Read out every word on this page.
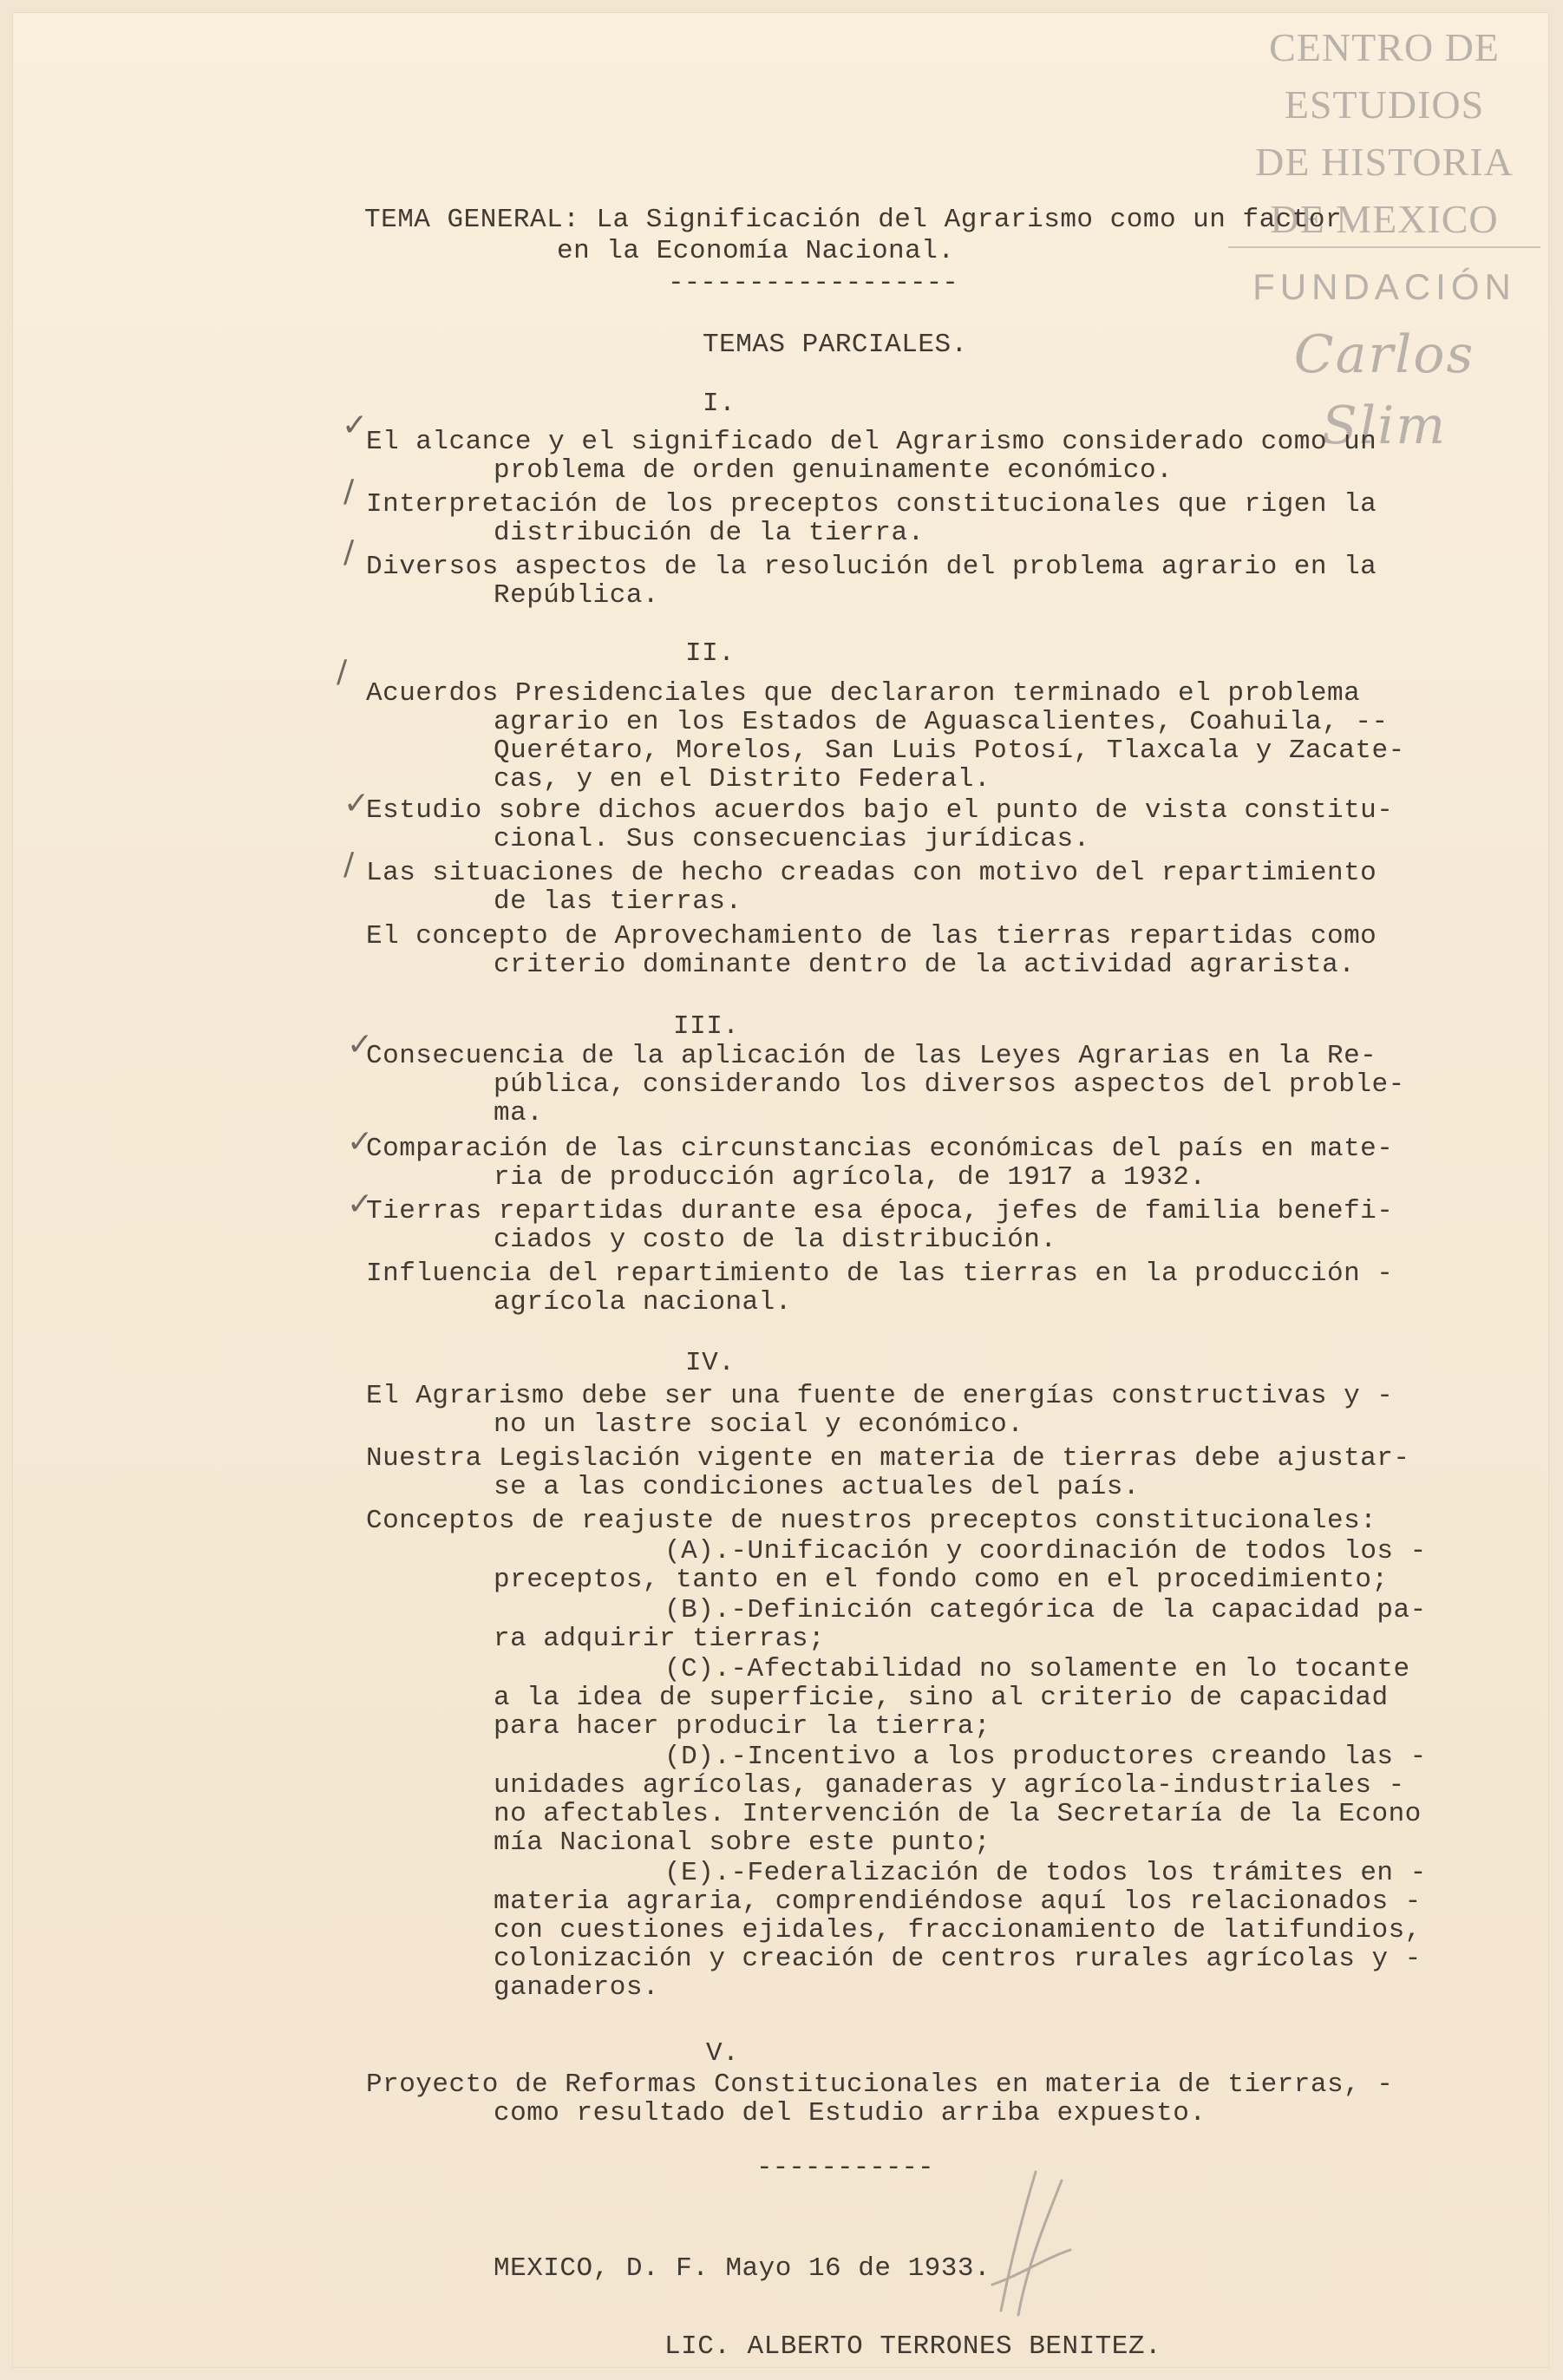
CENTRO DE
ESTUDIOS
DE HISTORIA
DE MEXICO
FUNDACIÓN
Carlos Slim
TEMA GENERAL: La Significación del Agrarismo como un factor
en la Economía Nacional.
------------------
TEMAS PARCIALES.
I.
✓
El alcance y el significado del Agrarismo considerado como un
problema de orden genuinamente económico.
/ Interpretación de los preceptos constitucionales que rigen la
distribución de la tierra.
/ Diversos aspectos de la resolución del problema agrario en la
República.
II.
/
Acuerdos Presidenciales que declararon terminado el problema
agrario en los Estados de Aguascalientes, Coahuila, --
Querétaro, Morelos, San Luis Potosí, Tlaxcala y Zacate-
cas, y en el Distrito Federal.
✓
Estudio sobre dichos acuerdos bajo el punto de vista constitu-
cional. Sus consecuencias jurídicas.
/ Las situaciones de hecho creadas con motivo del repartimiento
de las tierras.
El concepto de Aprovechamiento de las tierras repartidas como
criterio dominante dentro de la actividad agrarista.
III.
✓
Consecuencia de la aplicación de las Leyes Agrarias en la Re-
pública, considerando los diversos aspectos del proble-
ma.
✓
Comparación de las circunstancias económicas del país en mate-
ria de producción agrícola, de 1917 a 1932.
✓
Tierras repartidas durante esa época, jefes de familia benefi-
ciados y costo de la distribución.
Influencia del repartimiento de las tierras en la producción -
agrícola nacional.
IV.
El Agrarismo debe ser una fuente de energías constructivas y -
no un lastre social y económico.
Nuestra Legislación vigente en materia de tierras debe ajustar-
se a las condiciones actuales del país.
Conceptos de reajuste de nuestros preceptos constitucionales:
(A).-Unificación y coordinación de todos los -
preceptos, tanto en el fondo como en el procedimiento;
(B).-Definición categórica de la capacidad pa-
ra adquirir tierras;
(C).-Afectabilidad no solamente en lo tocante
a la idea de superficie, sino al criterio de capacidad
para hacer producir la tierra;
(D).-Incentivo a los productores creando las -
unidades agrícolas, ganaderas y agrícola-industriales -
no afectables. Intervención de la Secretaría de la Econo
mía Nacional sobre este punto;
(E).-Federalización de todos los trámites en -
materia agraria, comprendiéndose aquí los relacionados -
con cuestiones ejidales, fraccionamiento de latifundios,
colonización y creación de centros rurales agrícolas y -
ganaderos.
V.
Proyecto de Reformas Constitucionales en materia de tierras, -
como resultado del Estudio arriba expuesto.
-----------
MEXICO, D. F. Mayo 16 de 1933.
LIC. ALBERTO TERRONES BENITEZ.
